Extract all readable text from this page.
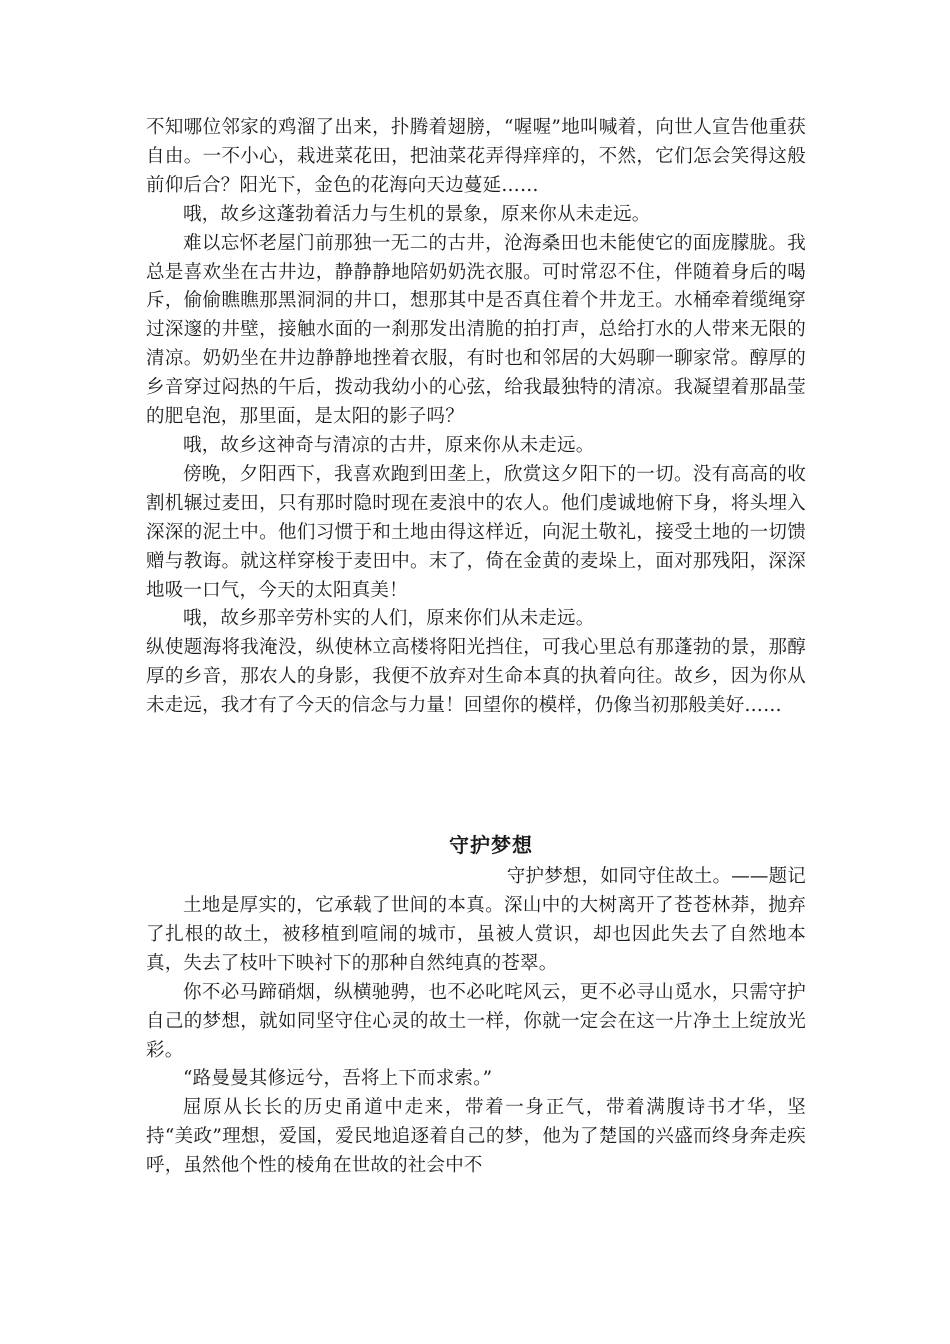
不知哪位邻家的鸡溜了出来，扑腾着翅膀，“喔喔”地叫喊着，向世人宣告他重获自由。一不小心，栽进菜花田，把油菜花弄得痒痒的，不然，它们怎会笑得这般前仰后合？阳光下，金色的花海向天边蔓延……

哦，故乡这蓬勃着活力与生机的景象，原来你从未走远。

难以忘怀老屋门前那独一无二的古井，沧海桑田也未能使它的面庞朦胧。我总是喜欢坐在古井边，静静静地陪奶奶洗衣服。可时常忍不住，伴随着身后的喝斥，偷偷瞧瞧那黑洞洞的井口，想那其中是否真住着个井龙王。水桶牵着缆绳穿过深邃的井壁，接触水面的一刹那发出清脆的拍打声，总给打水的人带来无限的清凉。奶奶坐在井边静静地挫着衣服，有时也和邻居的大妈聊一聊家常。醇厚的乡音穿过闷热的午后，拨动我幼小的心弦，给我最独特的清凉。我凝望着那晶莹的肥皂泡，那里面，是太阳的影子吗？

哦，故乡这神奇与清凉的古井，原来你从未走远。

傍晚，夕阳西下，我喜欢跑到田垄上，欣赏这夕阳下的一切。没有高高的收割机辗过麦田，只有那时隐时现在麦浪中的农人。他们虔诚地俯下身，将头埋入深深的泥土中。他们习惯于和土地由得这样近，向泥土敬礼，接受土地的一切馈赠与教诲。就这样穿梭于麦田中。末了，倚在金黄的麦垛上，面对那残阳，深深地吸一口气，今天的太阳真美！

哦，故乡那辛劳朴实的人们，原来你们从未走远。

纵使题海将我淹没，纵使林立高楼将阳光挡住，可我心里总有那蓬勃的景，那醇厚的乡音，那农人的身影，我便不放弃对生命本真的执着向往。故乡，因为你从未走远，我才有了今天的信念与力量！回望你的模样，仍像当初那般美好……

守护梦想

守护梦想，如同守住故土。——题记

土地是厚实的，它承载了世间的本真。深山中的大树离开了苍苍林莽，抛弃了扎根的故土，被移植到喧闹的城市，虽被人赏识，却也因此失去了自然地本真，失去了枝叶下映衬下的那种自然纯真的苍翠。

你不必马蹄硝烟，纵横驰骋，也不必叱咤风云，更不必寻山觅水，只需守护自己的梦想，就如同坚守住心灵的故土一样，你就一定会在这一片净土上绽放光彩。

“路曼曼其修远兮，吾将上下而求索。”

屈原从长长的历史甬道中走来，带着一身正气，带着满腹诗书才华，坚持“美政”理想，爱国，爱民地追逐着自己的梦，他为了楚国的兴盛而终身奔走疾呼，虽然他个性的棱角在世故的社会中不
